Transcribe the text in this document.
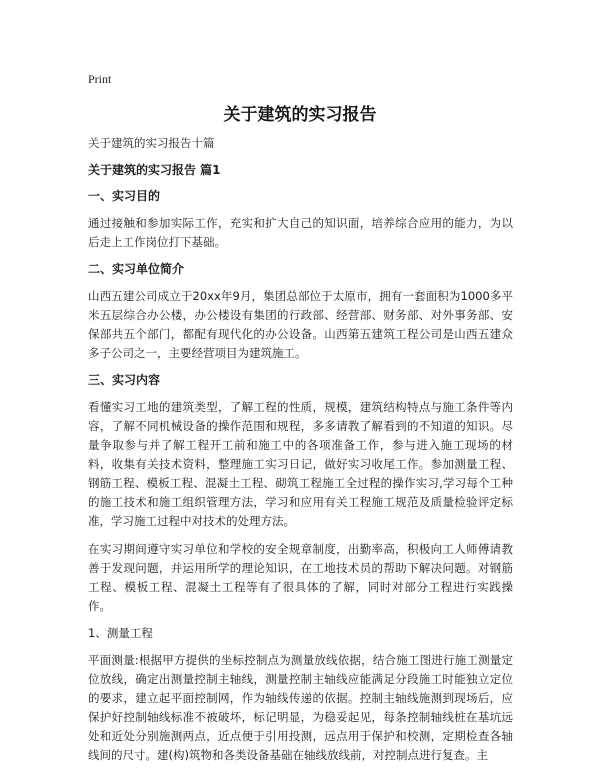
Print
关于建筑的实习报告
关于建筑的实习报告十篇
关于建筑的实习报告 篇1
一、实习目的

通过接触和参加实际工作，充实和扩大自己的知识面，培养综合应用的能力，为以后走上工作岗位打下基础。

二、实习单位简介

山西五建公司成立于20xx年9月，集团总部位于太原市，拥有一套面积为1000多平米五层综合办公楼，办公楼设有集团的行政部、经营部、财务部、对外事务部、安保部共五个部门，都配有现代化的办公设备。山西第五建筑工程公司是山西五建众多子公司之一，主要经营项目为建筑施工。

三、实习内容

看懂实习工地的建筑类型，了解工程的性质，规模，建筑结构特点与施工条件等内容，了解不同机械设备的操作范围和规程，多多请教了解看到的不知道的知识。尽量争取参与并了解工程开工前和施工中的各项准备工作，参与进入施工现场的材料，收集有关技术资料，整理施工实习日记，做好实习收尾工作。参加测量工程、钢筋工程、模板工程、混凝土工程、砌筑工程施工全过程的操作实习,学习每个工种的施工技术和施工组织管理方法，学习和应用有关工程施工规范及质量检验评定标准，学习施工过程中对技术的处理方法。

在实习期间遵守实习单位和学校的安全规章制度，出勤率高，积极向工人师傅请教善于发现问题，并运用所学的理论知识，在工地技术员的帮助下解决问题。对钢筋工程、模板工程、混凝土工程等有了很具体的了解，同时对部分工程进行实践操作。

1、测量工程

平面测量:根据甲方提供的坐标控制点为测量放线依据，结合施工图进行施工测量定位放线，确定出测量控制主轴线，测量控制主轴线应能满足分段施工时能独立定位的要求，建立起平面控制网，作为轴线传递的依据。控制主轴线施测到现场后，应保护好控制轴线标准不被破坏，标记明显，为稳妥起见，每条控制轴线桩在基坑远处和近处分别施测两点，近点便于引用投测，远点用于保护和校测，定期检查各轴线间的尺寸。建(构)筑物和各类设备基础在轴线放线前，对控制点进行复查。主
